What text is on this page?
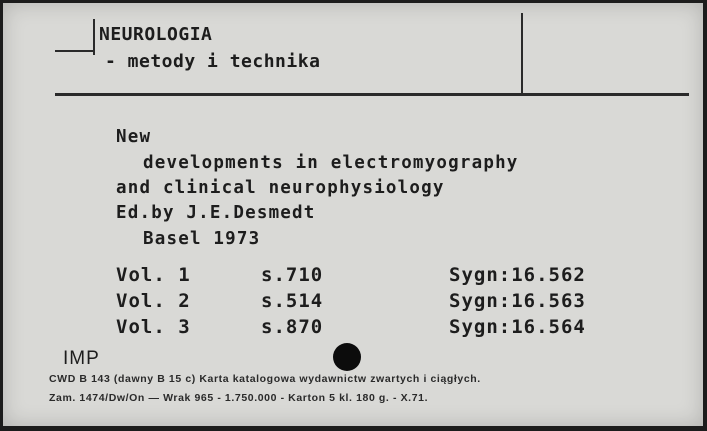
NEUROLOGIA
- metody i technika
New
developments in electromyography
and clinical neurophysiology
Ed.by J.E.Desmedt
Basel 1973
Vol. 1	s.710	Sygn:16.562
Vol. 2	s.514	Sygn:16.563
Vol. 3	s.870	Sygn:16.564
IMP
CWD B 143 (dawny B 15 c) Karta katalogowa wydawnictw zwartych i ciągłych.
Zam. 1474/Dw/On — Wrak 965 - 1.750.000 - Karton 5 kl. 180 g. - X.71.
